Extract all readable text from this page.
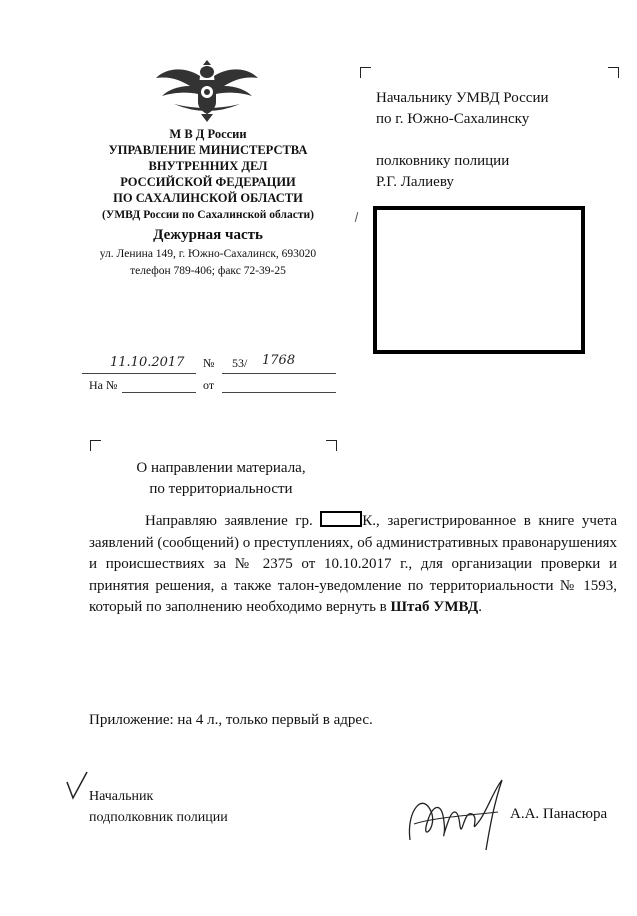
М В Д России
УПРАВЛЕНИЕ МИНИСТЕРСТВА
ВНУТРЕННИХ ДЕЛ
РОССИЙСКОЙ ФЕДЕРАЦИИ
ПО САХАЛИНСКОЙ ОБЛАСТИ
(УМВД России по Сахалинской области)
Дежурная часть
ул. Ленина 149, г. Южно-Сахалинск, 693020
телефон 789-406; факс 72-39-25
Начальнику УМВД России
по г. Южно-Сахалинску
полковнику полиции
Р.Г. Лалиеву
11.10.2017 № 53/ 1768
На №	от
О направлении материала,
по территориальности

Направляю заявление гр.	К., зарегистрированное в книге учета заявлений (сообщений) о преступлениях, об административных правонарушениях и происшествиях за № 2375 от 10.10.2017 г., для организации проверки и принятия решения, а также талон-уведомление по территориальности № 1593, который по заполнению необходимо вернуть в Штаб УМВД.

Приложение: на 4 л., только первый в адрес.
Начальник
подполковник полиции	А.А. Панасюра
